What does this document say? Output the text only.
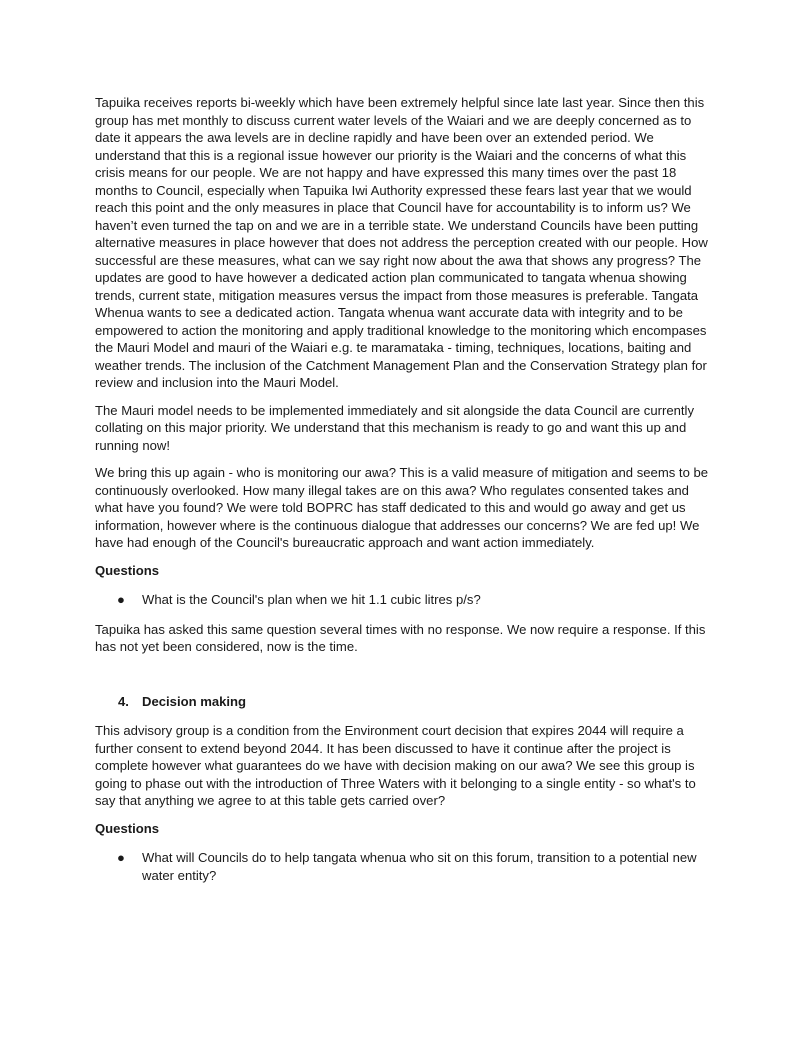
Tapuika receives reports bi-weekly which have been extremely helpful since late last year. Since then this group has met monthly to discuss current water levels of the Waiari and we are deeply concerned as to date it appears the awa levels are in decline rapidly and have been over an extended period. We understand that this is a regional issue however our priority is the Waiari and the concerns of what this crisis means for our people. We are not happy and have expressed this many times over the past 18 months to Council, especially when Tapuika Iwi Authority expressed these fears last year that we would reach this point and the only measures in place that Council have for accountability is to inform us? We haven’t even turned the tap on and we are in a terrible state. We understand Councils have been putting alternative measures in place however that does not address the perception created with our people. How successful are these measures, what can we say right now about the awa that shows any progress? The updates are good to have however a dedicated action plan communicated to tangata whenua showing trends, current state, mitigation measures versus the impact from those measures is preferable. Tangata Whenua wants to see a dedicated action. Tangata whenua want accurate data with integrity and to be empowered to action the monitoring and apply traditional knowledge to the monitoring which encompases the Mauri Model and mauri of the Waiari e.g. te maramataka - timing, techniques, locations, baiting and weather trends. The inclusion of the Catchment Management Plan and the Conservation Strategy plan for review and inclusion into the Mauri Model.

The Mauri model needs to be implemented immediately and sit alongside the data Council are currently collating on this major priority. We understand that this mechanism is ready to go and want this up and running now!

We bring this up again - who is monitoring our awa? This is a valid measure of mitigation and seems to be continuously overlooked. How many illegal takes are on this awa? Who regulates consented takes and what have you found? We were told BOPRC has staff dedicated to this and would go away and get us information, however where is the continuous dialogue that addresses our concerns? We are fed up! We have had enough of the Council's bureaucratic approach and want action immediately.

Questions
● What is the Council's plan when we hit 1.1 cubic litres p/s?

Tapuika has asked this same question several times with no response. We now require a response. If this has not yet been considered, now is the time.

4. Decision making

This advisory group is a condition from the Environment court decision that expires 2044 will require a further consent to extend beyond 2044. It has been discussed to have it continue after the project is complete however what guarantees do we have with decision making on our awa? We see this group is going to phase out with the introduction of Three Waters with it belonging to a single entity - so what's to say that anything we agree to at this table gets carried over?

Questions
● What will Councils do to help tangata whenua who sit on this forum, transition to a potential new water entity?
